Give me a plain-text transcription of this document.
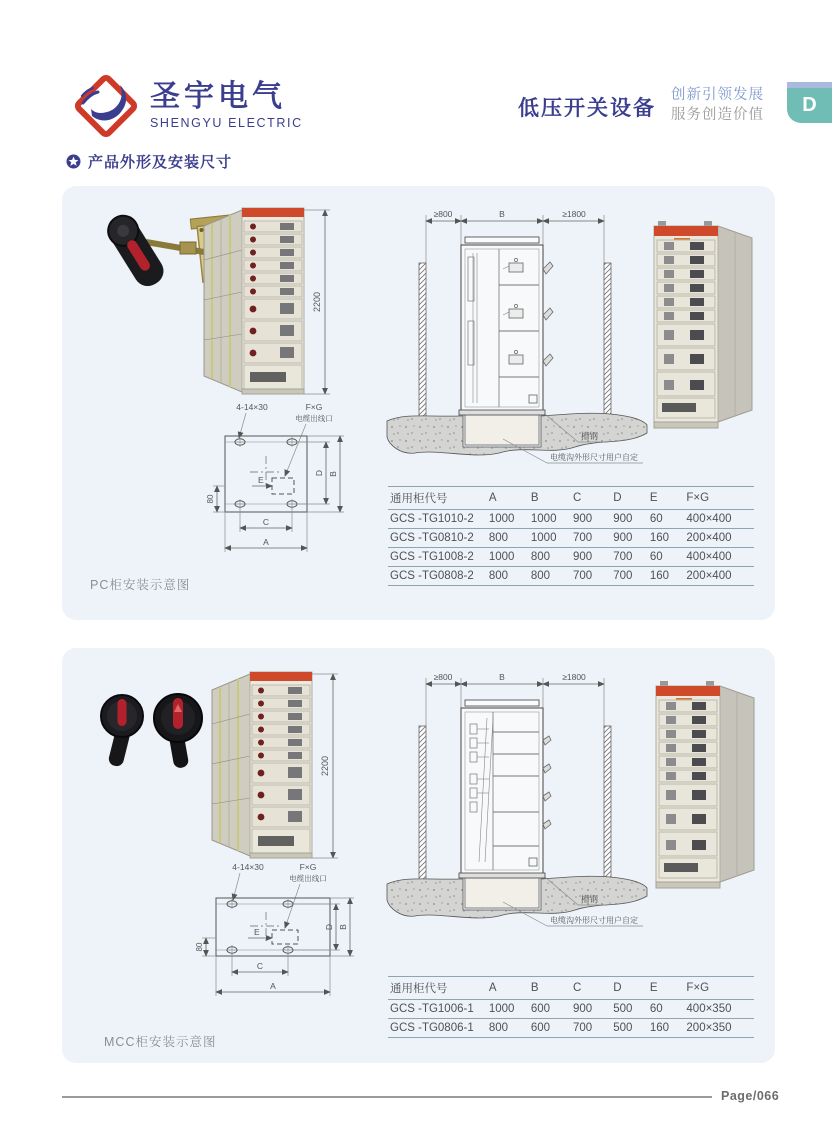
圣宇电气
SHENGYU ELECTRIC
低压开关设备
创新引领发展
服务创造价值	D
产品外形及安装尺寸
2200
4-14×30	F×G
电缆出线口
E
80
C
A
D B
≥800	B	≥1800
槽钢
电缆沟外形尺寸用户自定
通用柜代号	A	B	C	D	E	F×G
GCS -TG1010-2	1000	1000	900	900	60	400×400
GCS -TG0810-2	800	1000	700	900	160	200×400
GCS -TG1008-2	1000	800	900	700	60	400×400
GCS -TG0808-2	800	800	700	700	160	200×400
PC柜安装示意图
2200
4-14×30	F×G
电缆出线口
E
80
C
A
D B
≥800	B	≥1800
槽钢
电缆沟外形尺寸用户自定
通用柜代号	A	B	C	D	E	F×G
GCS -TG1006-1	1000	600	900	500	60	400×350
GCS -TG0806-1	800	600	700	500	160	200×350
MCC柜安装示意图
Page/066
